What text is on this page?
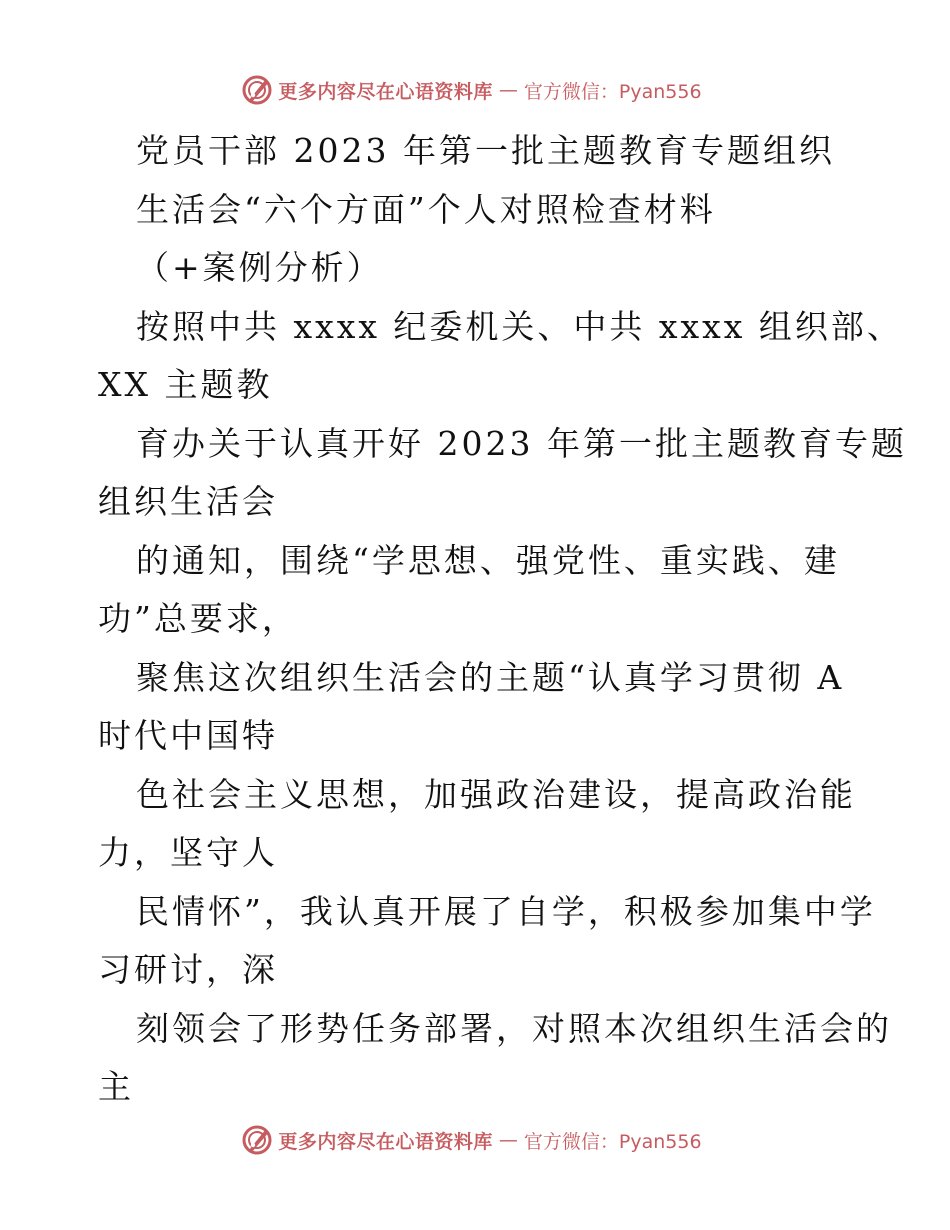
更多内容尽在心语资料库 — 官方微信：Pyan556
党员干部 2023 年第一批主题教育专题组织
生活会“六个方面”个人对照检查材料
（+案例分析）
按照中共 xxxx 纪委机关、中共 xxxx 组织部、
XX 主题教
育办关于认真开好 2023 年第一批主题教育专题
组织生活会
的通知，围绕“学思想、强党性、重实践、建
功”总要求，
聚焦这次组织生活会的主题“认真学习贯彻 A
时代中国特
色社会主义思想，加强政治建设，提高政治能
力，坚守人
民情怀”，我认真开展了自学，积极参加集中学
习研讨，深
刻领会了形势任务部署，对照本次组织生活会的
主
更多内容尽在心语资料库 — 官方微信：Pyan556
